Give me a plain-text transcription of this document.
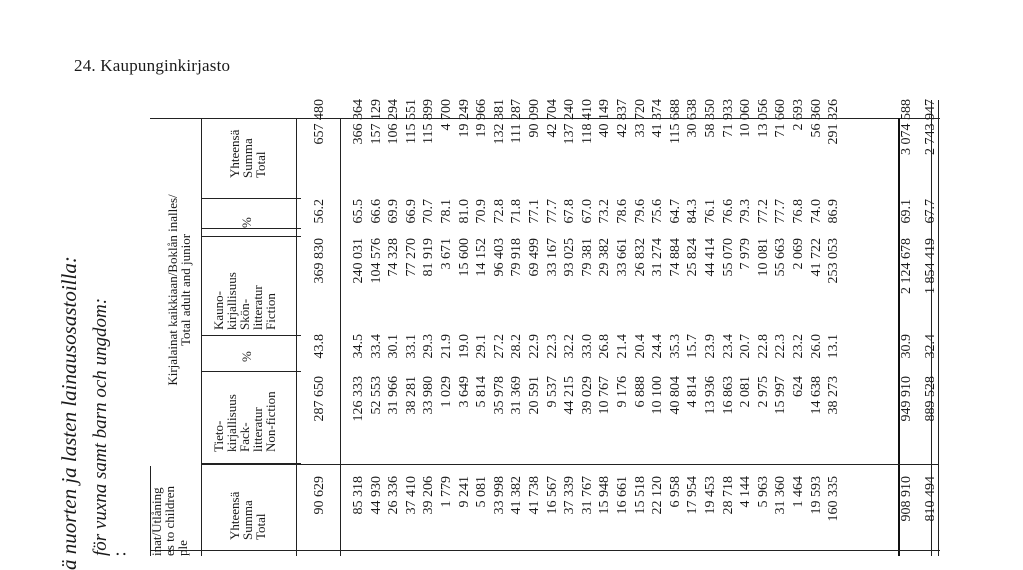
24. Kaupunginkirjasto
ä nuorten ja lasten lainausosastoilla: för vuxna samt barn och ungdom:
: inat/Utlåning
es to children
ple
Kirjalainat kaikkiaan/Boklån inalles/
Total adult and junior
Yhteensä
Summa
Total
Tieto-
kirjallisuus
Fack-
litteratur
Non-fiction
%
Kauno-
kirjallisuus
Skön-
litteratur
Fiction
%
Yhteensä
Summa
Total
90 629
287 650
43.8
369 830
56.2
657 480
85 318
126 333
34.5
240 031
65.5
366 364
44 930
52 553
33.4
104 576
66.6
157 129
26 336
31 966
30.1
74 328
69.9
106 294
37 410
38 281
33.1
77 270
66.9
115 551
39 206
33 980
29.3
81 919
70.7
115 899
1 779
1 029
21.9
3 671
78.1
4 700
9 241
3 649
19.0
15 600
81.0
19 249
5 081
5 814
29.1
14 152
70.9
19 966
33 998
35 978
27.2
96 403
72.8
132 381
41 382
31 369
28.2
79 918
71.8
111 287
41 738
20 591
22.9
69 499
77.1
90 090
16 567
9 537
22.3
33 167
77.7
42 704
37 339
44 215
32.2
93 025
67.8
137 240
31 767
39 029
33.0
79 381
67.0
118 410
15 948
10 767
26.8
29 382
73.2
40 149
16 661
9 176
21.4
33 661
78.6
42 837
15 518
6 888
20.4
26 832
79.6
33 720
22 120
10 100
24.4
31 274
75.6
41 374
6 958
40 804
35.3
74 884
64.7
115 688
17 954
4 814
15.7
25 824
84.3
30 638
19 453
13 936
23.9
44 414
76.1
58 350
28 718
16 863
23.4
55 070
76.6
71 933
4 144
2 081
20.7
7 979
79.3
10 060
5 963
2 975
22.8
10 081
77.2
13 056
31 360
15 997
22.3
55 663
77.7
71 660
1 464
624
23.2
2 069
76.8
2 693
19 593
14 638
26.0
41 722
74.0
56 360
160 335
38 273
13.1
253 053
86.9
291 326
908 910
949 910
30.9
2 124 678
69.1
3 074 588
810 494
889 528
32.4
1 854 419
67.7
2 743 947
